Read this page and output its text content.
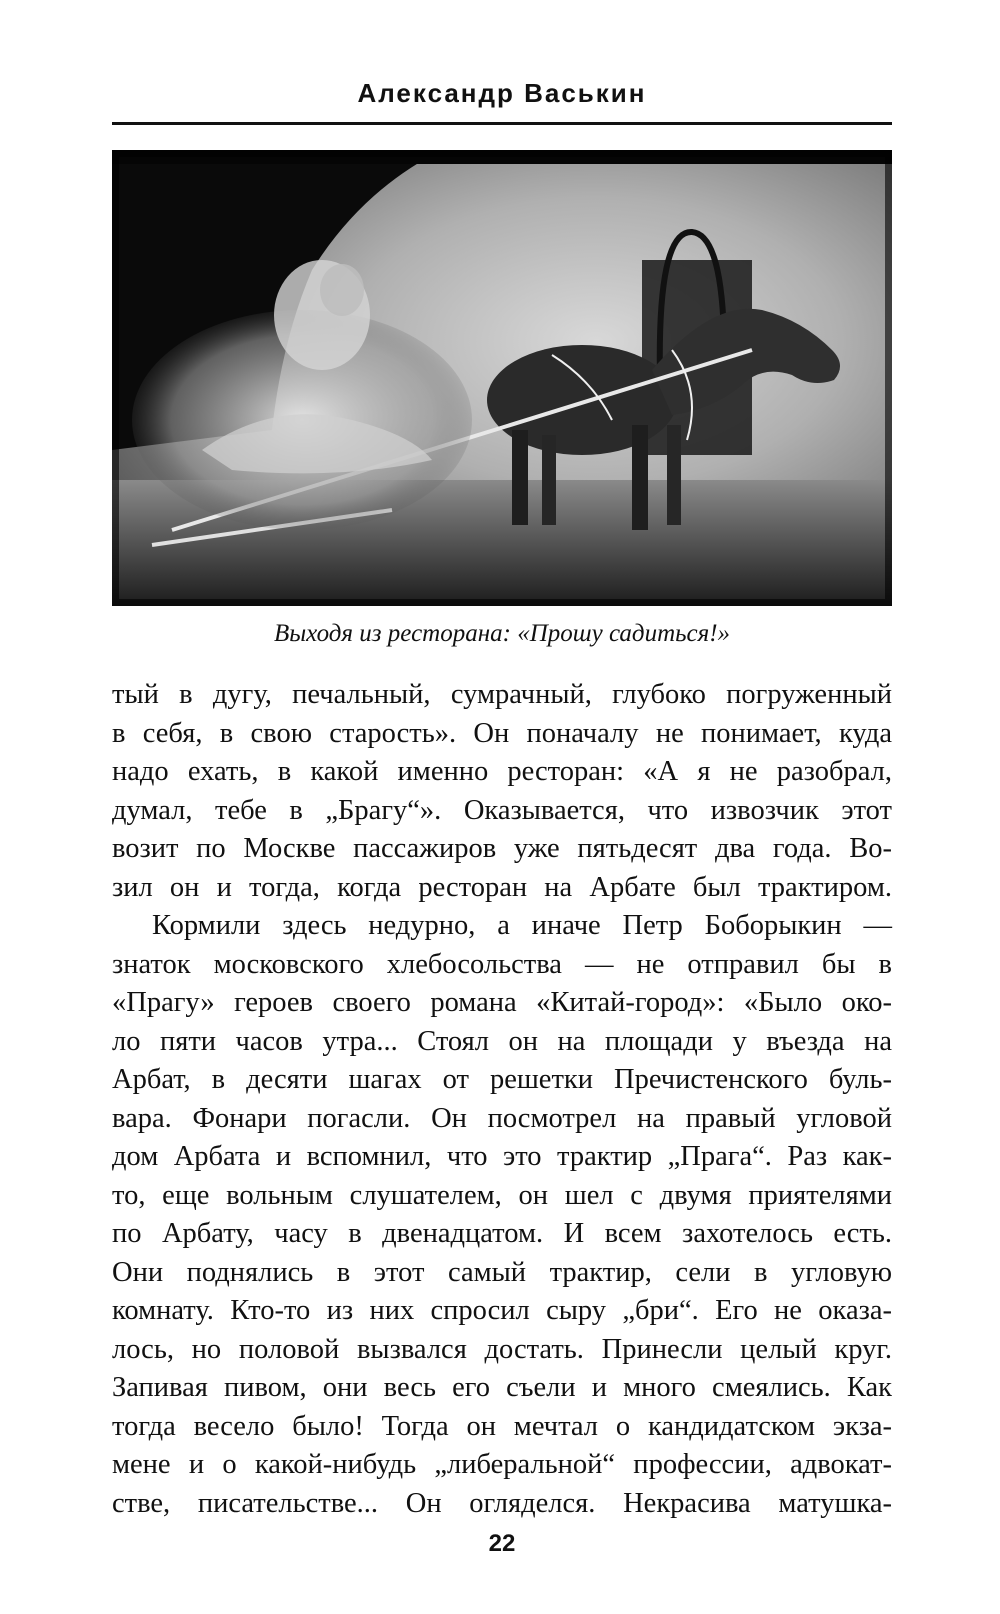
Александр Васькин
Выходя из ресторана: «Прошу садиться!»
тый в дугу, печальный, сумрачный, глубоко погруженный
в себя, в свою старость». Он поначалу не понимает, куда
надо ехать, в какой именно ресторан: «А я не разобрал,
думал, тебе в „Брагу“». Оказывается, что извозчик этот
возит по Москве пассажиров уже пятьдесят два года. Во-
зил он и тогда, когда ресторан на Арбате был трактиром.
Кормили здесь недурно, а иначе Петр Боборыкин —
знаток московского хлебосольства — не отправил бы в
«Прагу» героев своего романа «Китай-город»: «Было око-
ло пяти часов утра... Стоял он на площади у въезда на
Арбат, в десяти шагах от решетки Пречистенского буль-
вара. Фонари погасли. Он посмотрел на правый угловой
дом Арбата и вспомнил, что это трактир „Прага“. Раз как-
то, еще вольным слушателем, он шел с двумя приятелями
по Арбату, часу в двенадцатом. И всем захотелось есть.
Они поднялись в этот самый трактир, сели в угловую
комнату. Кто-то из них спросил сыру „бри“. Его не оказа-
лось, но половой вызвался достать. Принесли целый круг.
Запивая пивом, они весь его съели и много смеялись. Как
тогда весело было! Тогда он мечтал о кандидатском экза-
мене и о какой-нибудь „либеральной“ профессии, адвокат-
стве, писательстве... Он огляделся. Некрасива матушка-
22
